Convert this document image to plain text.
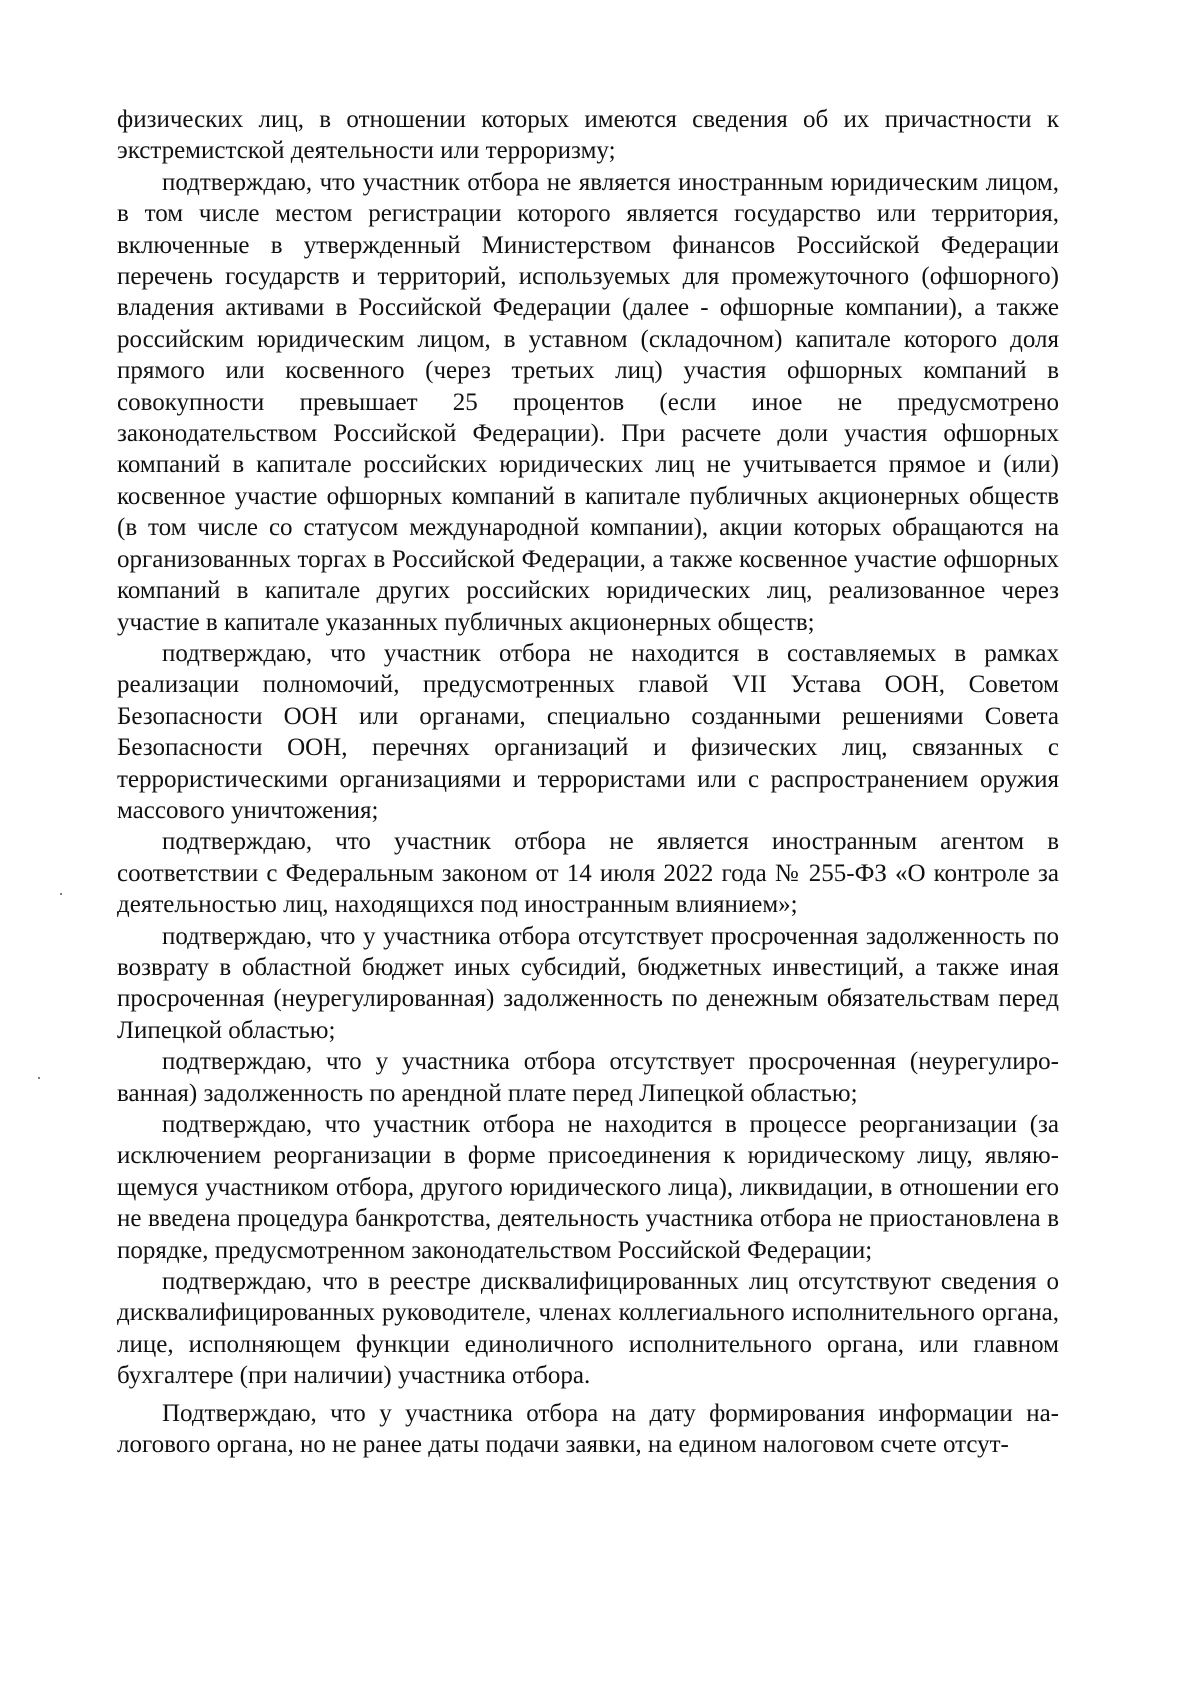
физических лиц, в отношении которых имеются сведения об их причастности к экстремистской деятельности или терроризму;

подтверждаю, что участник отбора не является иностранным юридическим лицом, в том числе местом регистрации которого является государство или территория, включенные в утвержденный Министерством финансов Российской Федерации перечень государств и территорий, используемых для промежуточного (офшорного) владения активами в Российской Федерации (далее - офшорные компании), а также российским юридическим лицом, в уставном (складочном) капитале которого доля прямого или косвенного (через третьих лиц) участия офшорных компаний в совокупности превышает 25 процентов (если иное не предусмотрено законодательством Российской Федерации). При расчете доли участия офшорных компаний в капитале российских юридических лиц не учитывается прямое и (или) косвенное участие офшорных компаний в капитале публичных акционерных обществ (в том числе со статусом международной компании), акции которых обращаются на организованных торгах в Российской Федерации, а также косвенное участие офшорных компаний в капитале других российских юридических лиц, реализованное через участие в капитале указанных публичных акционерных обществ;

подтверждаю, что участник отбора не находится в составляемых в рамках реализации полномочий, предусмотренных главой VII Устава ООН, Советом Безопасности ООН или органами, специально созданными решениями Совета Безопасности ООН, перечнях организаций и физических лиц, связанных с террористическими организациями и террористами или с распространением оружия массового уничтожения;

подтверждаю, что участник отбора не является иностранным агентом в соответствии с Федеральным законом от 14 июля 2022 года № 255-ФЗ «О контроле за деятельностью лиц, находящихся под иностранным влиянием»;

подтверждаю, что у участника отбора отсутствует просроченная задолженность по возврату в областной бюджет иных субсидий, бюджетных инвестиций, а также иная просроченная (неурегулированная) задолженность по денежным обязательствам перед Липецкой областью;

подтверждаю, что у участника отбора отсутствует просроченная (неурегулированная) задолженность по арендной плате перед Липецкой областью;

подтверждаю, что участник отбора не находится в процессе реорганизации (за исключением реорганизации в форме присоединения к юридическому лицу, являющемуся участником отбора, другого юридического лица), ликвидации, в отношении его не введена процедура банкротства, деятельность участника отбора не приостановлена в порядке, предусмотренном законодательством Российской Федерации;

подтверждаю, что в реестре дисквалифицированных лиц отсутствуют сведения о дисквалифицированных руководителе, членах коллегиального исполнительного органа, лице, исполняющем функции единоличного исполнительного органа, или главном бухгалтере (при наличии) участника отбора.

Подтверждаю, что у участника отбора на дату формирования информации налогового органа, но не ранее даты подачи заявки, на едином налоговом счете отсут-
